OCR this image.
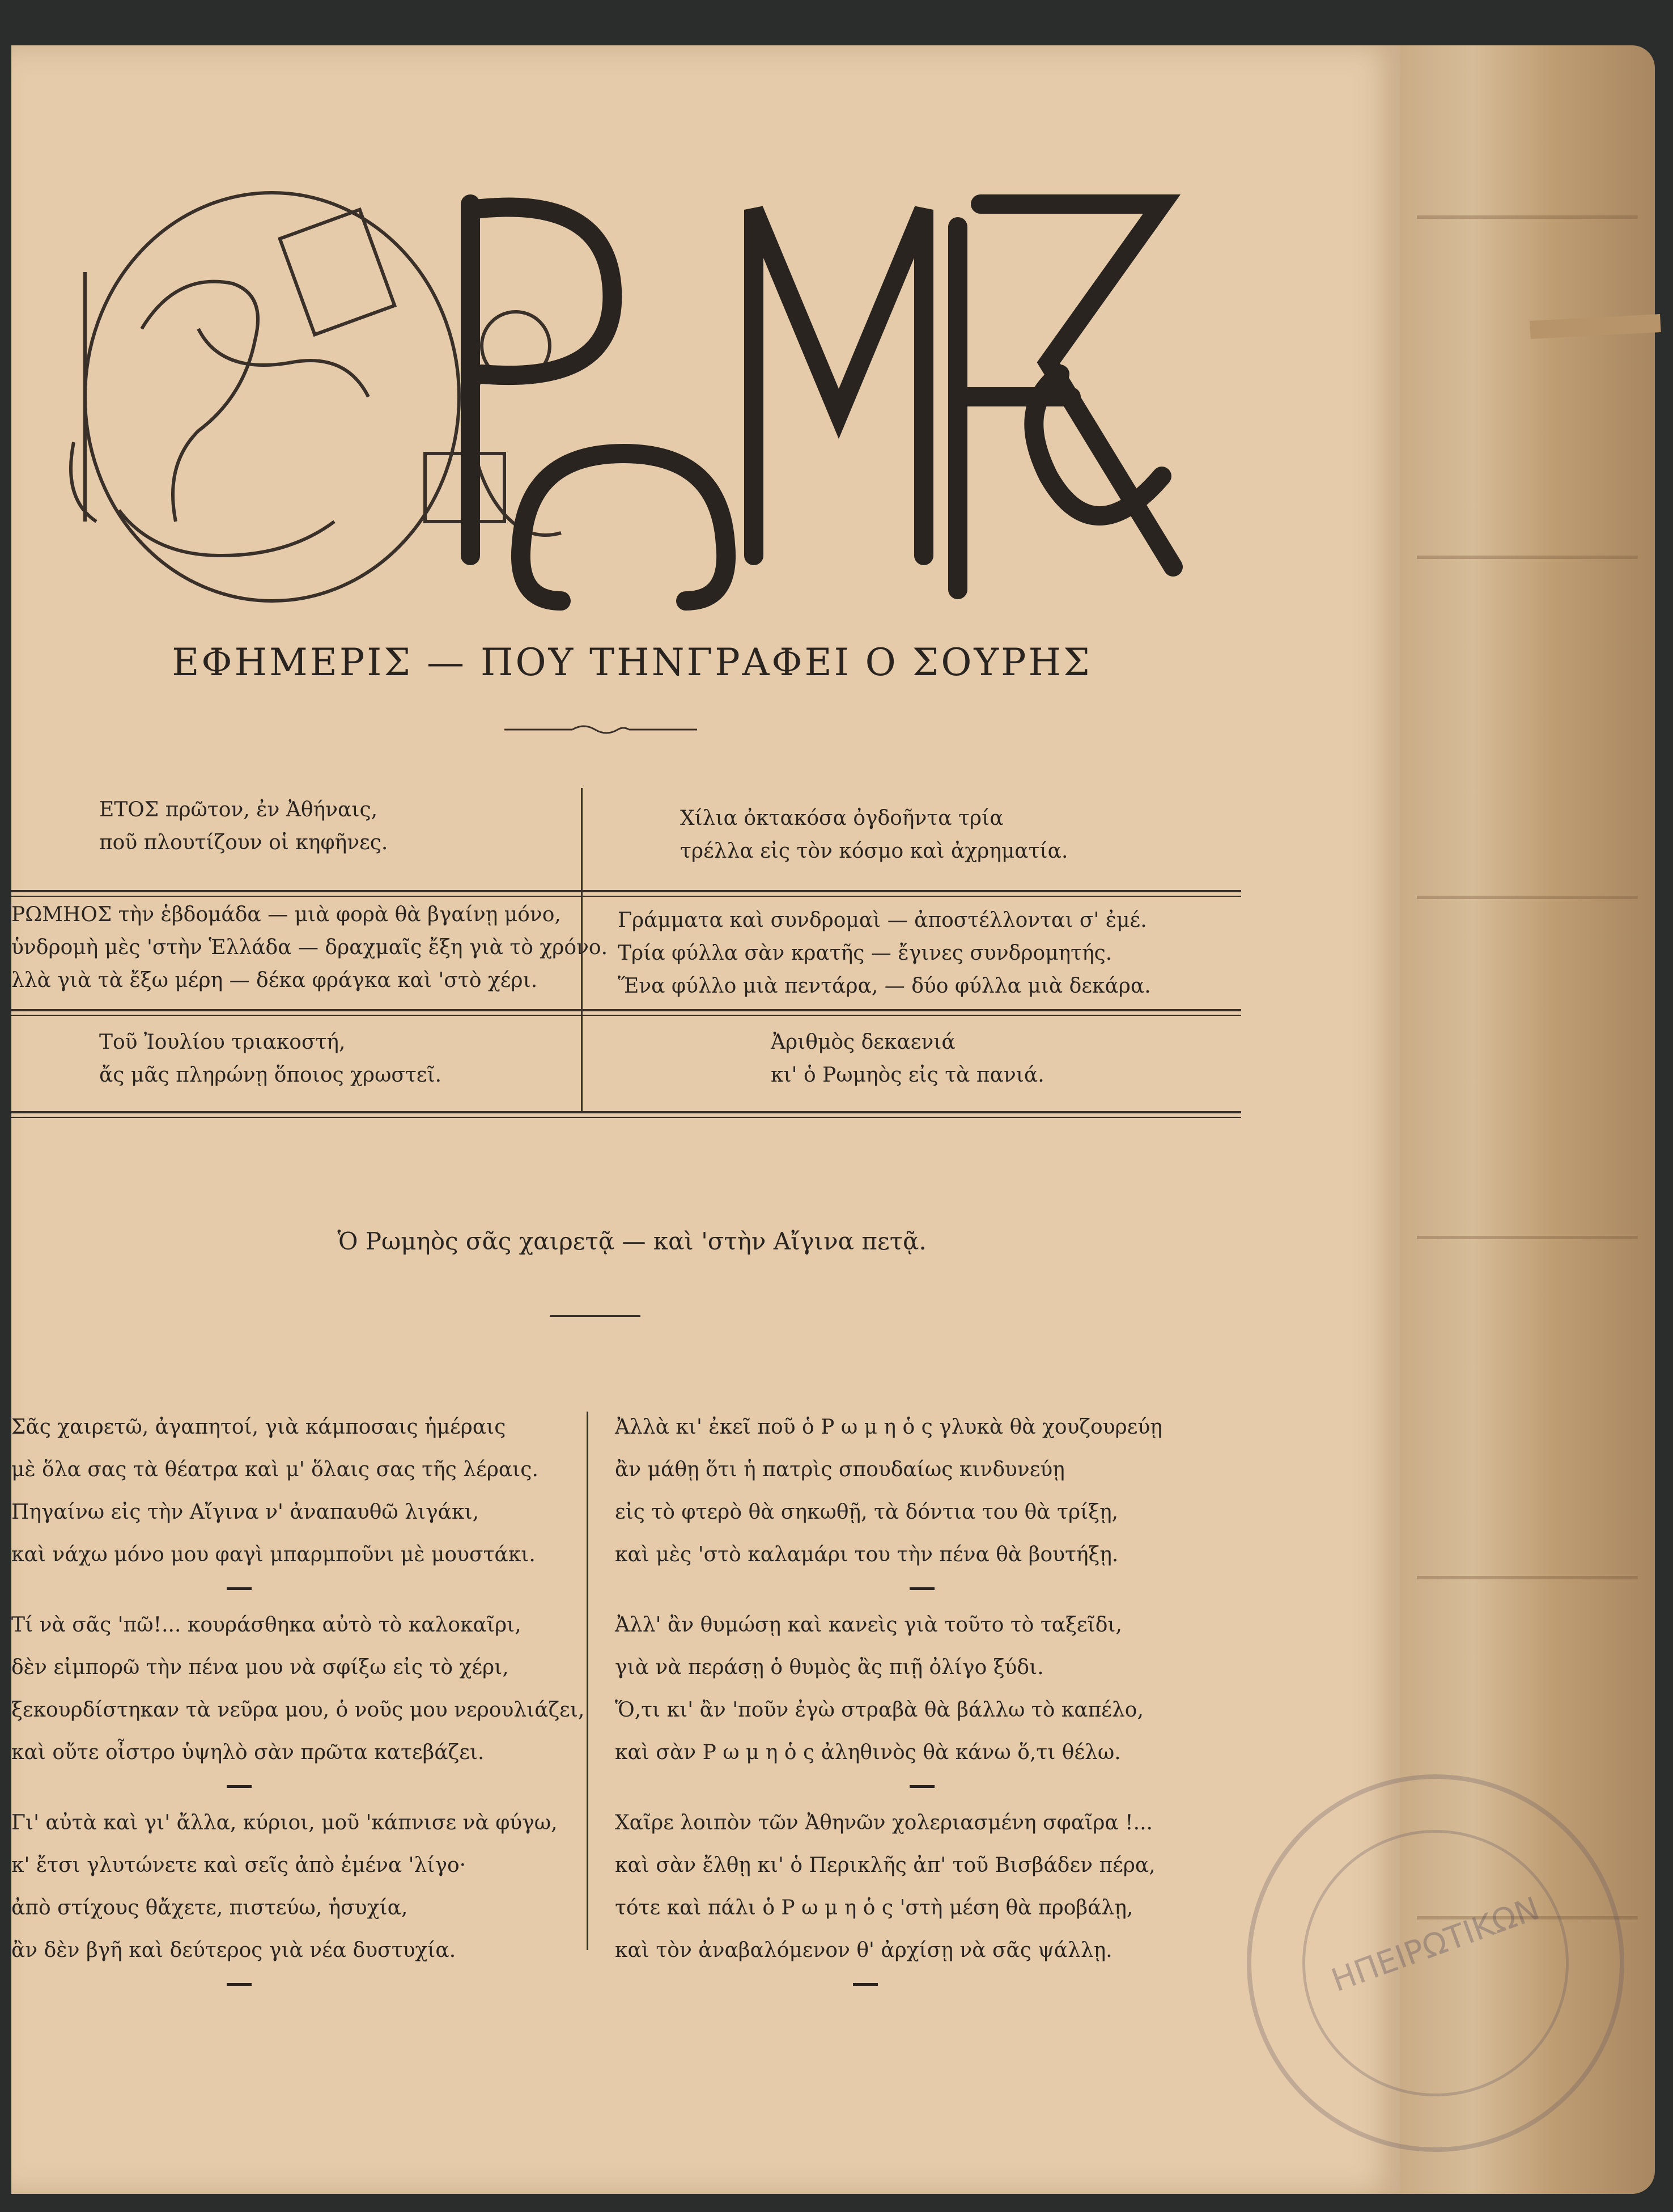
ΕΦΗΜΕΡΙΣ — ΠΟΥ ΤΗΝΓΡΑΦΕΙ Ο ΣΟΥΡΗΣ
ΕΤΟΣ πρῶτον, ἐν Ἀθήναις,
ποῦ πλουτίζουν οἱ κηφῆνες.
Χίλια ὀκτακόσα ὀγδοῆντα τρία
τρέλλα εἰς τὸν κόσμο καὶ ἀχρηματία.
ΡΩΜΗΟΣ τὴν ἑβδομάδα — μιὰ φορὰ θὰ βγαίνῃ μόνο,
ὑνδρομὴ μὲς 'στὴν Ἑλλάδα — δραχμαῖς ἔξη γιὰ τὸ χρόνο.
λλὰ γιὰ τὰ ἔξω μέρη — δέκα φράγκα καὶ 'στὸ χέρι.
Γράμματα καὶ συνδρομαὶ — ἀποστέλλονται σ' ἐμέ.
Τρία φύλλα σὰν κρατῆς — ἔγινες συνδρομητής.
Ἕνα φύλλο μιὰ πεντάρα, — δύο φύλλα μιὰ δεκάρα.
Τοῦ Ἰουλίου τριακοστή,
ἄς μᾶς πληρώνῃ ὅποιος χρωστεῖ.
Ἀριθμὸς δεκαενιά
κι' ὁ Ρωμηὸς εἰς τὰ πανιά.
Ὁ Ρωμηὸς σᾶς χαιρετᾷ — καὶ 'στὴν Αἴγινα πετᾷ.
Σᾶς χαιρετῶ, ἀγαπητοί, γιὰ κάμποσαις ἡμέραις
μὲ ὅλα σας τὰ θέατρα καὶ μ' ὅλαις σας τῆς λέραις.
Πηγαίνω εἰς τὴν Αἴγινα ν' ἀναπαυθῶ λιγάκι,
καὶ νάχω μόνο μου φαγὶ μπαρμποῦνι μὲ μουστάκι.
Τί νὰ σᾶς 'πῶ!... κουράσθηκα αὐτὸ τὸ καλοκαῖρι,
δὲν εἰμπορῶ τὴν πένα μου νὰ σφίξω εἰς τὸ χέρι,
ξεκουρδίστηκαν τὰ νεῦρα μου, ὁ νοῦς μου νερουλιάζει,
καὶ οὔτε οἶστρο ὑψηλὸ σὰν πρῶτα κατεβάζει.
Γι' αὐτὰ καὶ γι' ἄλλα, κύριοι, μοῦ 'κάπνισε νὰ φύγω,
κ' ἔτσι γλυτώνετε καὶ σεῖς ἀπὸ ἐμένα 'λίγο·
ἀπὸ στίχους θἄχετε, πιστεύω, ἡσυχία,
ἂν δὲν βγῆ καὶ δεύτερος γιὰ νέα δυστυχία.
Ἀλλὰ κι' ἐκεῖ ποῦ ὁ Ρ ω μ η ὁ ς γλυκὰ θὰ χουζουρεύῃ
ἂν μάθῃ ὅτι ἡ πατρὶς σπουδαίως κινδυνεύῃ
εἰς τὸ φτερὸ θὰ σηκωθῇ, τὰ δόντια του θὰ τρίξῃ,
καὶ μὲς 'στὸ καλαμάρι του τὴν πένα θὰ βουτήξῃ.
Ἀλλ' ἂν θυμώσῃ καὶ κανεὶς γιὰ τοῦτο τὸ ταξεῖδι,
γιὰ νὰ περάσῃ ὁ θυμὸς ἂς πιῇ ὀλίγο ξύδι.
Ὅ,τι κι' ἂν 'ποῦν ἐγὼ στραβὰ θὰ βάλλω τὸ καπέλο,
καὶ σὰν Ρ ω μ η ὁ ς ἀληθινὸς θὰ κάνω ὅ,τι θέλω.
Χαῖρε λοιπὸν τῶν Ἀθηνῶν χολεριασμένη σφαῖρα !...
καὶ σὰν ἔλθῃ κι' ὁ Περικλῆς ἀπ' τοῦ Βισβάδεν πέρα,
τότε καὶ πάλι ὁ Ρ ω μ η ὁ ς 'στὴ μέση θὰ προβάλῃ,
καὶ τὸν ἀναβαλόμενον θ' ἀρχίσῃ νὰ σᾶς ψάλλῃ.	ΗΠΕΙΡΩΤΙΚΩΝ
